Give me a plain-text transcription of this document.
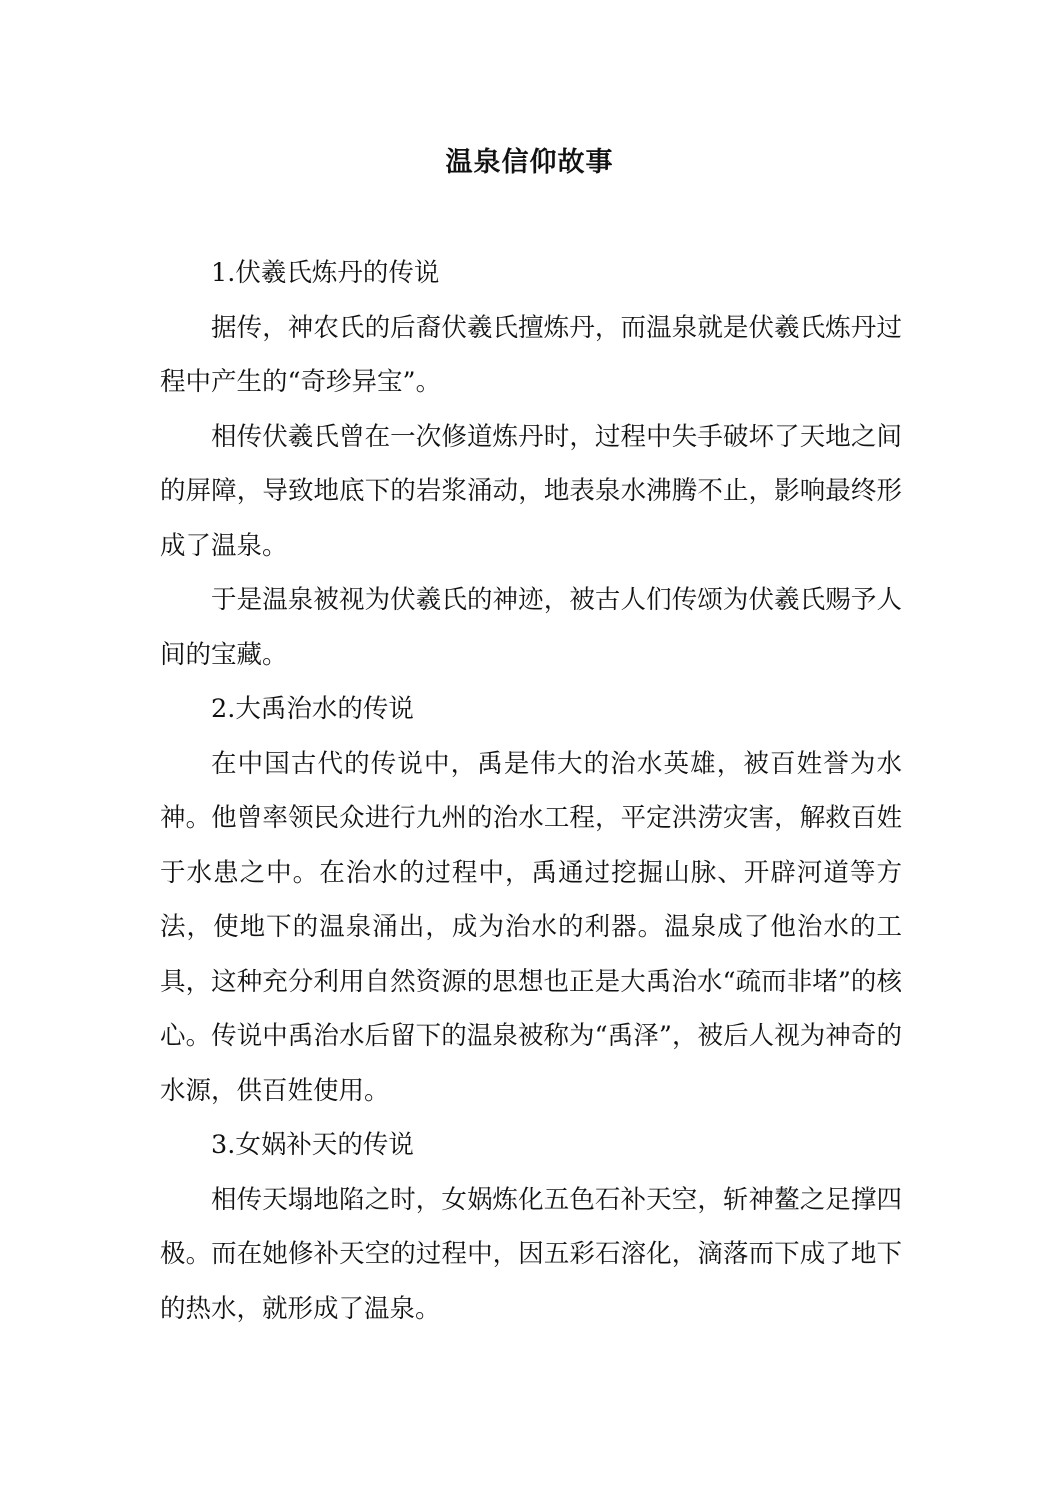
温泉信仰故事

1.伏羲氏炼丹的传说

据传，神农氏的后裔伏羲氏擅炼丹，而温泉就是伏羲氏炼丹过程中产生的“奇珍异宝”。

相传伏羲氏曾在一次修道炼丹时，过程中失手破坏了天地之间的屏障，导致地底下的岩浆涌动，地表泉水沸腾不止，影响最终形成了温泉。

于是温泉被视为伏羲氏的神迹，被古人们传颂为伏羲氏赐予人间的宝藏。

2.大禹治水的传说

在中国古代的传说中，禹是伟大的治水英雄，被百姓誉为水神。他曾率领民众进行九州的治水工程，平定洪涝灾害，解救百姓于水患之中。在治水的过程中，禹通过挖掘山脉、开辟河道等方法，使地下的温泉涌出，成为治水的利器。温泉成了他治水的工具，这种充分利用自然资源的思想也正是大禹治水“疏而非堵”的核心。传说中禹治水后留下的温泉被称为“禹泽”，被后人视为神奇的水源，供百姓使用。

3.女娲补天的传说

相传天塌地陷之时，女娲炼化五色石补天空，斩神鳌之足撑四极。而在她修补天空的过程中，因五彩石溶化，滴落而下成了地下的热水，就形成了温泉。
